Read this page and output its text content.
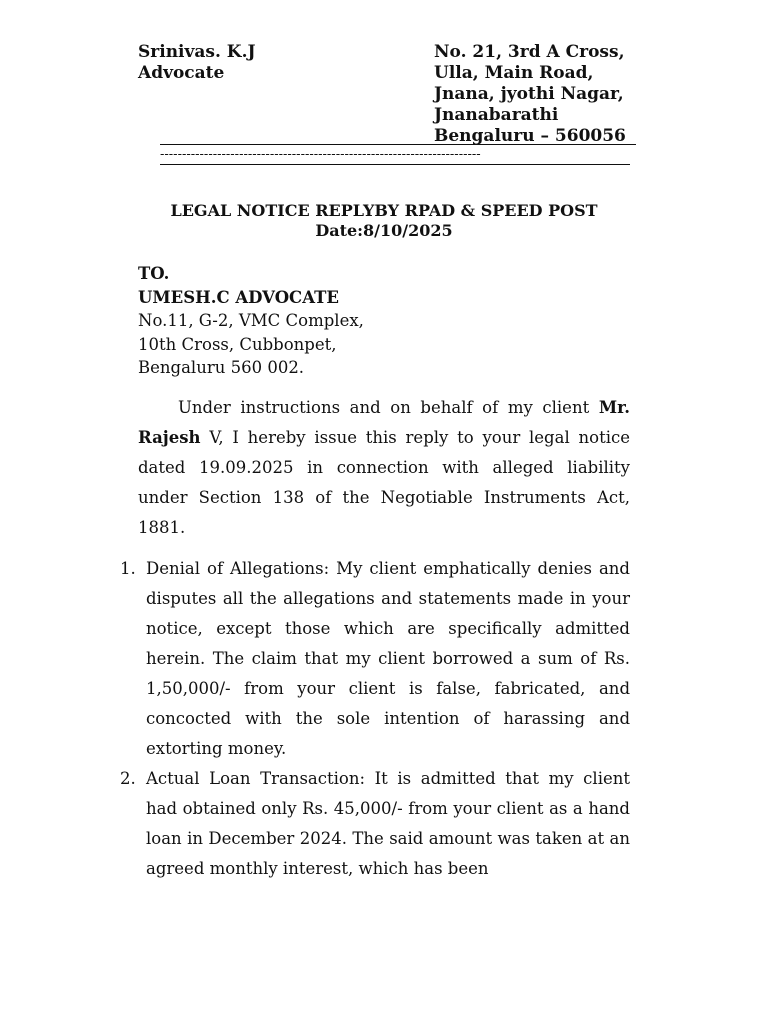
Srinivas. K.J
Advocate
No. 21, 3rd A Cross,
Ulla, Main Road,
Jnana, jyothi Nagar,
Jnanabarathi
Bengaluru – 560056
-------------------------------------------------------------------------
LEGAL NOTICE REPLYBY RPAD & SPEED POST
Date:8/10/2025
TO.
UMESH.C ADVOCATE
No.11, G-2, VMC Complex,
10th Cross, Cubbonpet,
Bengaluru 560 002.
Under instructions and on behalf of my client Mr. Rajesh V, I hereby issue this reply to your legal notice dated 19.09.2025 in connection with alleged liability under Section 138 of the Negotiable Instruments Act, 1881.
1. Denial of Allegations: My client emphatically denies and disputes all the allegations and statements made in your notice, except those which are specifically admitted herein. The claim that my client borrowed a sum of Rs. 1,50,000/- from your client is false, fabricated, and concocted with the sole intention of harassing and extorting money.
2. Actual Loan Transaction: It is admitted that my client had obtained only Rs. 45,000/- from your client as a hand loan in December 2024. The said amount was taken at an agreed monthly interest, which has been
